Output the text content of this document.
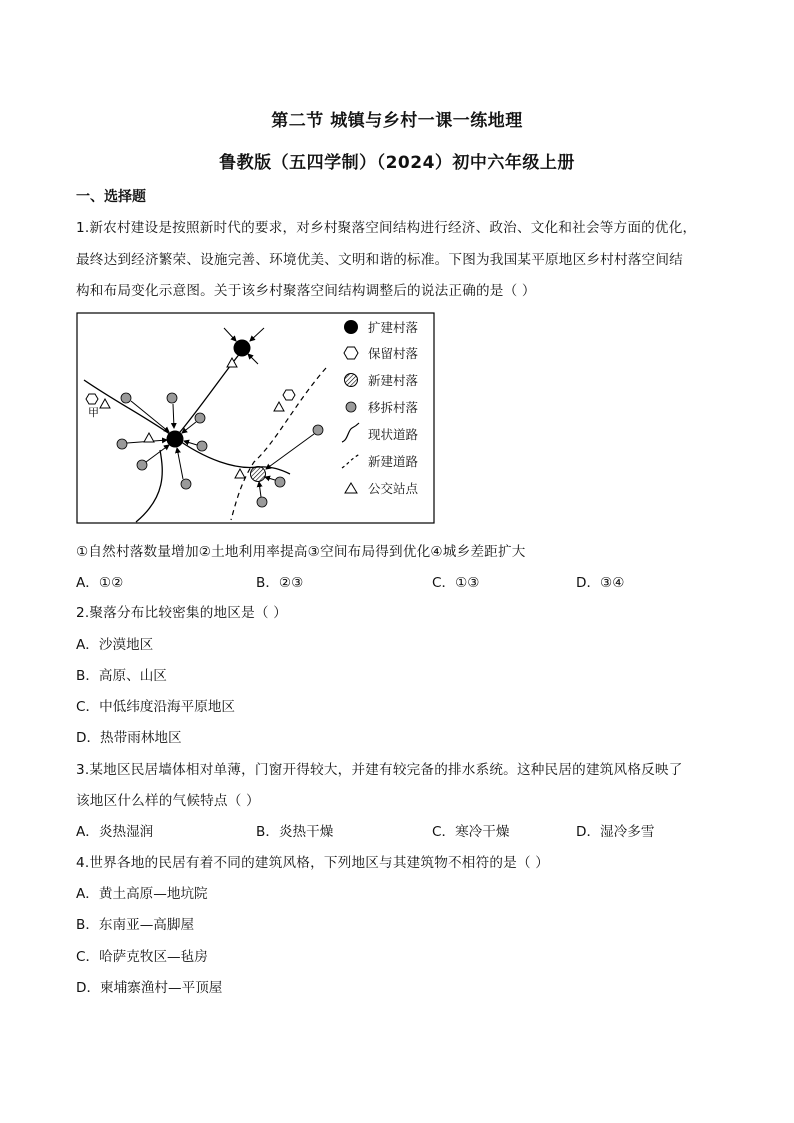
第二节 城镇与乡村一课一练地理
鲁教版（五四学制）（2024）初中六年级上册
一、选择题
1.新农村建设是按照新时代的要求，对乡村聚落空间结构进行经济、政治、文化和社会等方面的优化，
最终达到经济繁荣、设施完善、环境优美、文明和谐的标准。下图为我国某平原地区乡村村落空间结
构和布局变化示意图。关于该乡村聚落空间结构调整后的说法正确的是（ ）
甲
扩建村落
保留村落
新建村落
移拆村落
现状道路
新建道路
公交站点
①自然村落数量增加②土地利用率提高③空间布局得到优化④城乡差距扩大
A．①②	B．②③	C．①③	D．③④
2.聚落分布比较密集的地区是（ ）
A．沙漠地区
B．高原、山区
C．中低纬度沿海平原地区
D．热带雨林地区
3.某地区民居墙体相对单薄，门窗开得较大，并建有较完备的排水系统。这种民居的建筑风格反映了
该地区什么样的气候特点（ ）
A．炎热湿润	B．炎热干燥	C．寒冷干燥	D．湿冷多雪
4.世界各地的民居有着不同的建筑风格，下列地区与其建筑物不相符的是（ ）
A．黄土高原—地坑院
B．东南亚—高脚屋
C．哈萨克牧区—毡房
D．柬埔寨渔村—平顶屋
